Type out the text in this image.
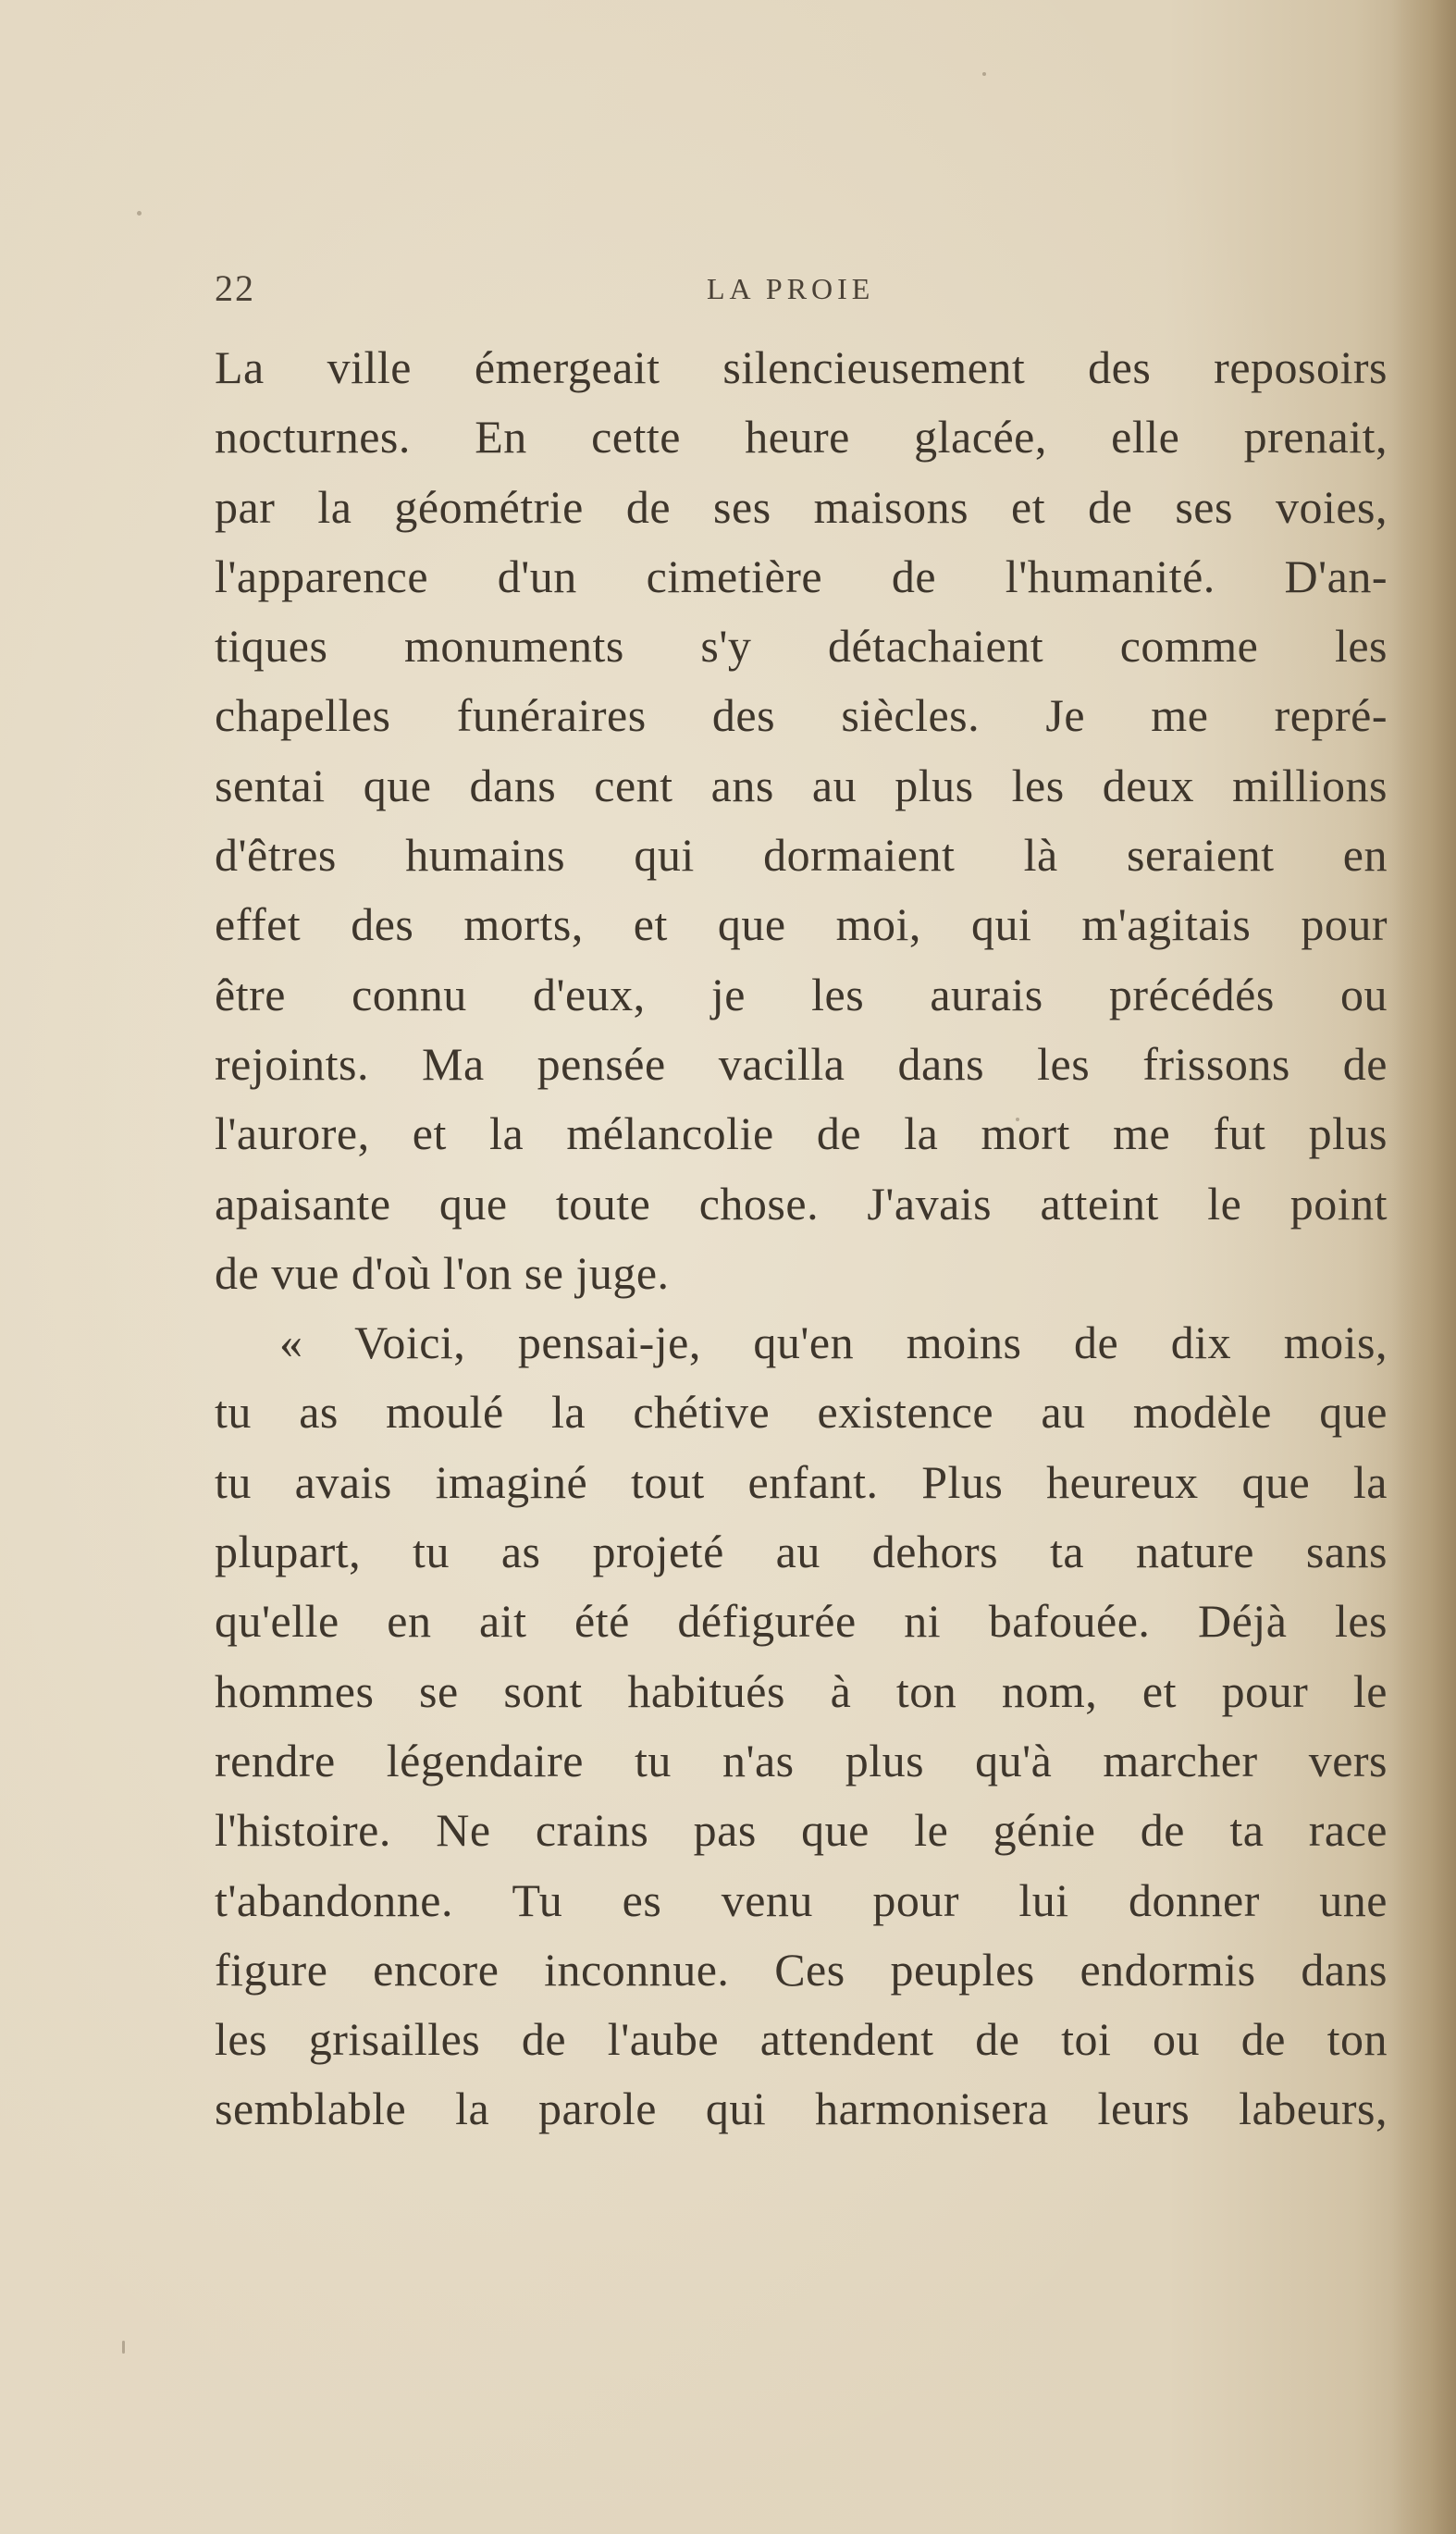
22	LA PROIE
La ville émergeait silencieusement des reposoirs
nocturnes. En cette heure glacée, elle prenait,
par la géométrie de ses maisons et de ses voies,
l'apparence d'un cimetière de l'humanité. D'an-
tiques monuments s'y détachaient comme les
chapelles funéraires des siècles. Je me repré-
sentai que dans cent ans au plus les deux millions
d'êtres humains qui dormaient là seraient en
effet des morts, et que moi, qui m'agitais pour
être connu d'eux, je les aurais précédés ou
rejoints. Ma pensée vacilla dans les frissons de
l'aurore, et la mélancolie de la mort me fut plus
apaisante que toute chose. J'avais atteint le point
de vue d'où l'on se juge.
« Voici, pensai-je, qu'en moins de dix mois,
tu as moulé la chétive existence au modèle que
tu avais imaginé tout enfant. Plus heureux que la
plupart, tu as projeté au dehors ta nature sans
qu'elle en ait été défigurée ni bafouée. Déjà les
hommes se sont habitués à ton nom, et pour le
rendre légendaire tu n'as plus qu'à marcher vers
l'histoire. Ne crains pas que le génie de ta race
t'abandonne. Tu es venu pour lui donner une
figure encore inconnue. Ces peuples endormis dans
les grisailles de l'aube attendent de toi ou de ton
semblable la parole qui harmonisera leurs labeurs,
